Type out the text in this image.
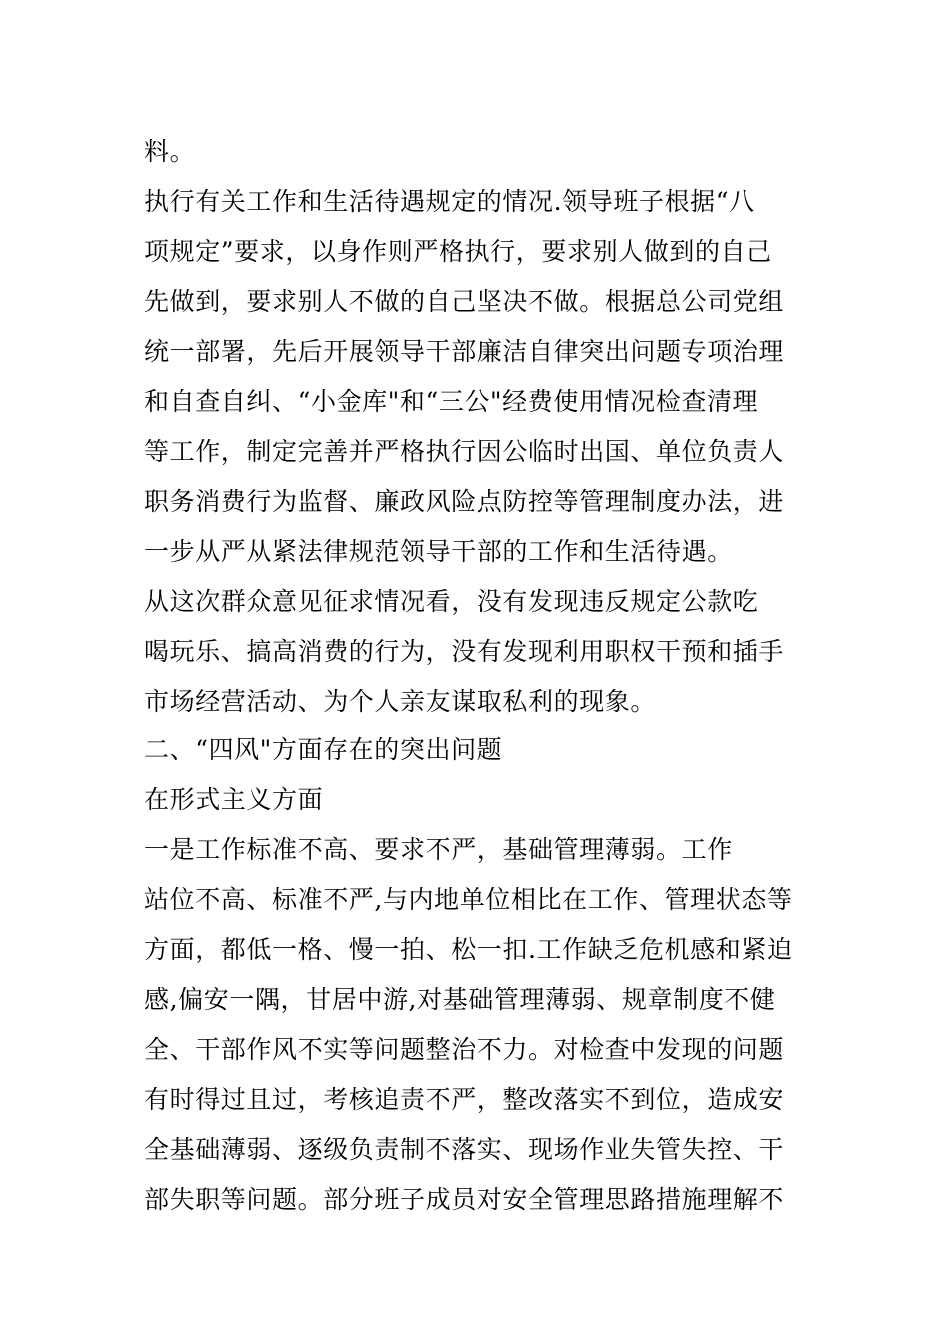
料。
执行有关工作和生活待遇规定的情况.领导班子根据“八
项规定”要求，以身作则严格执行，要求别人做到的自己
先做到，要求别人不做的自己坚决不做。根据总公司党组
统一部署，先后开展领导干部廉洁自律突出问题专项治理
和自查自纠、“小金库"和“三公"经费使用情况检查清理
等工作，制定完善并严格执行因公临时出国、单位负责人
职务消费行为监督、廉政风险点防控等管理制度办法，进
一步从严从紧法律规范领导干部的工作和生活待遇。
从这次群众意见征求情况看，没有发现违反规定公款吃
喝玩乐、搞高消费的行为，没有发现利用职权干预和插手
市场经营活动、为个人亲友谋取私利的现象。
二、“四风"方面存在的突出问题
在形式主义方面
一是工作标准不高、要求不严，基础管理薄弱。工作
站位不高、标准不严,与内地单位相比在工作、管理状态等
方面，都低一格、慢一拍、松一扣.工作缺乏危机感和紧迫
感,偏安一隅，甘居中游,对基础管理薄弱、规章制度不健
全、干部作风不实等问题整治不力。对检查中发现的问题
有时得过且过，考核追责不严，整改落实不到位，造成安
全基础薄弱、逐级负责制不落实、现场作业失管失控、干
部失职等问题。部分班子成员对安全管理思路措施理解不
